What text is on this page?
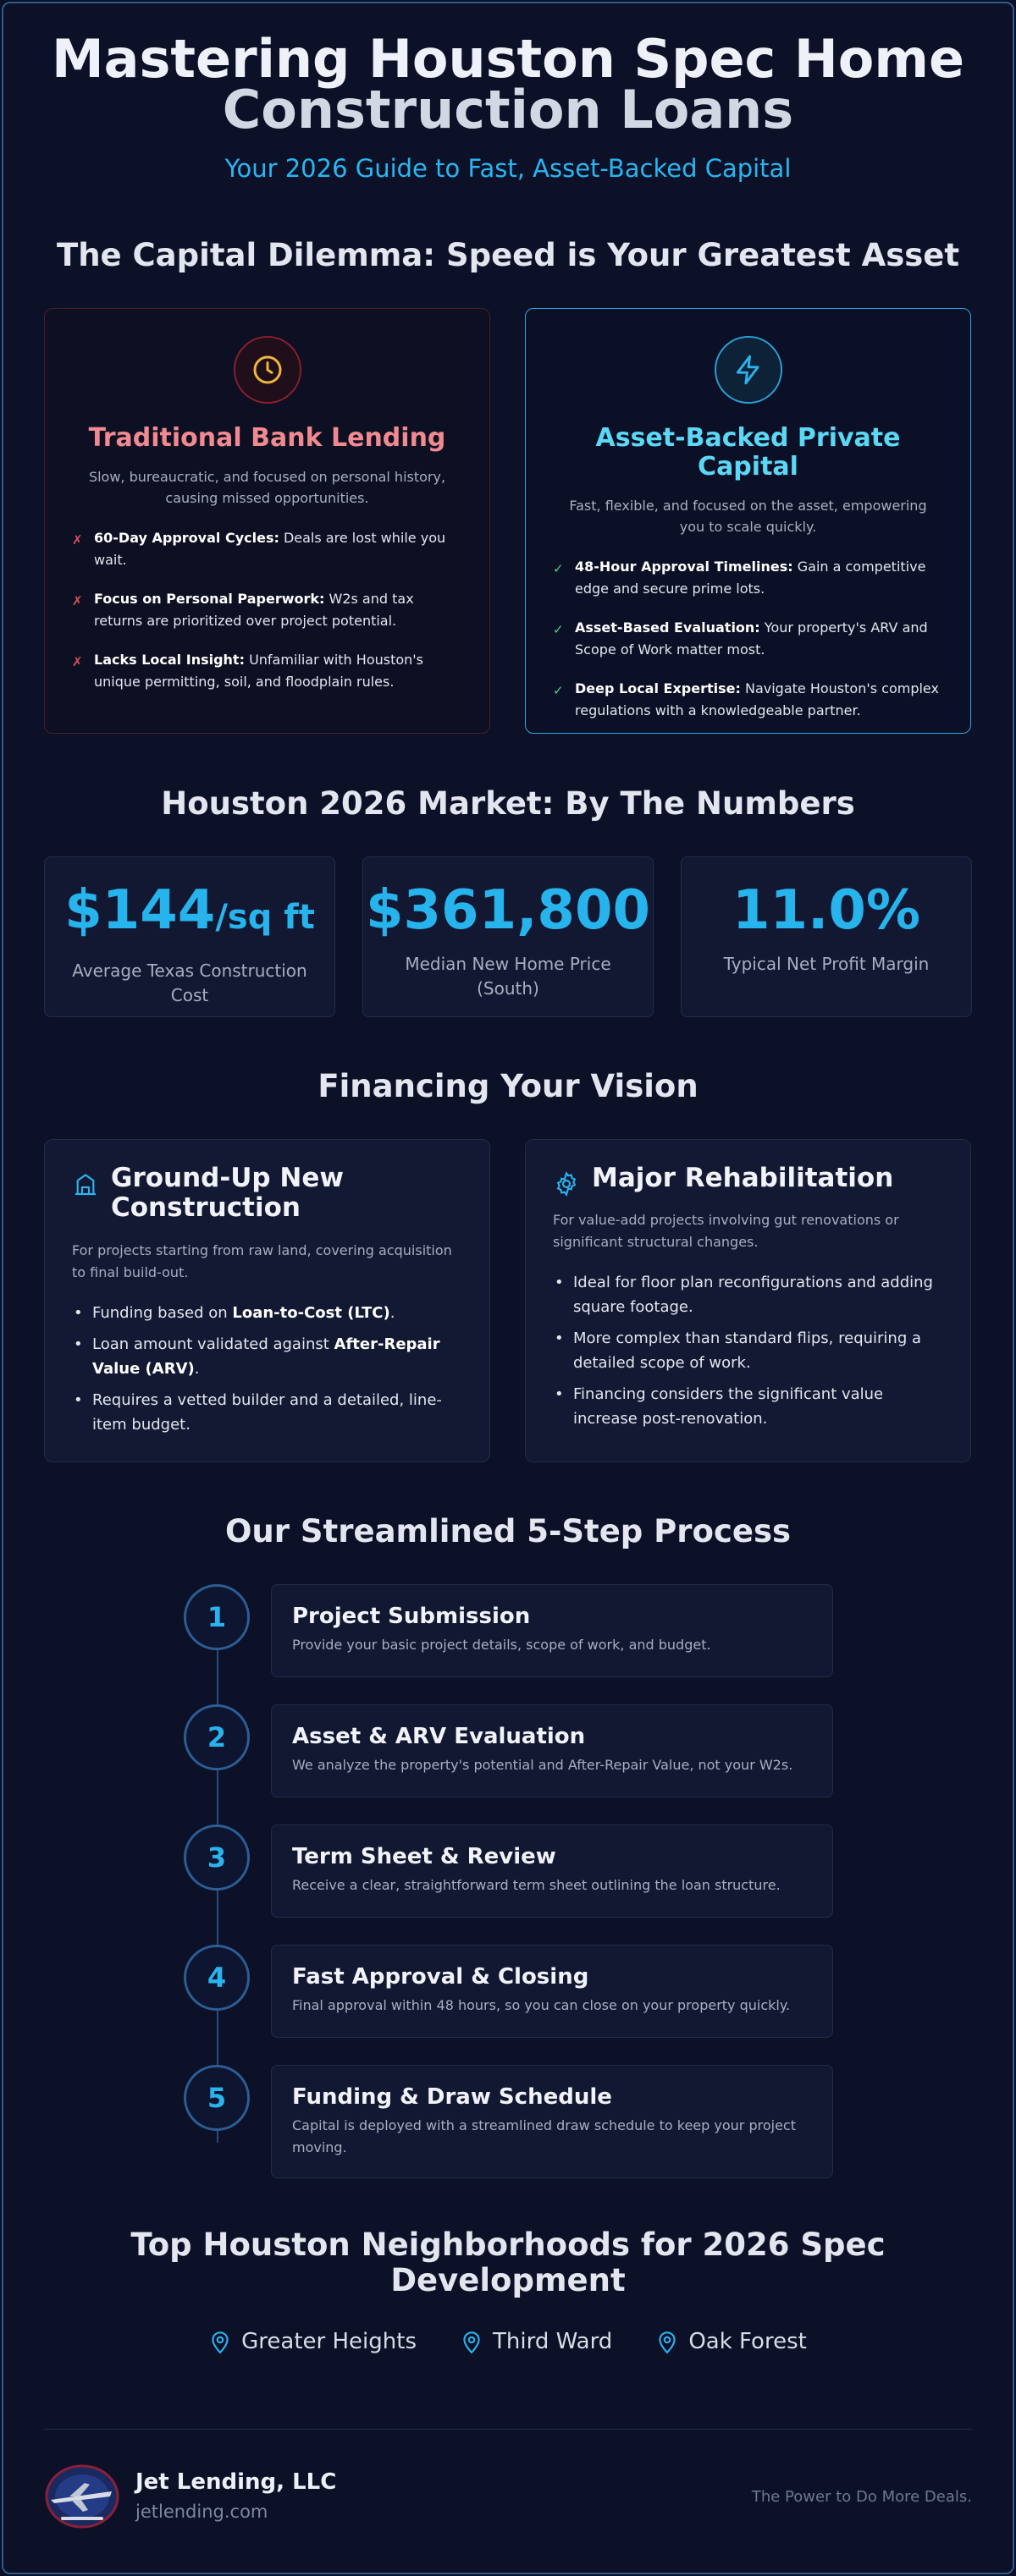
Mastering Houston Spec Home
Construction Loans
Your 2026 Guide to Fast, Asset-Backed Capital
The Capital Dilemma: Speed is Your Greatest Asset
Traditional Bank Lending
Slow, bureaucratic, and focused on personal history, causing missed opportunities.
✗ 60-Day Approval Cycles: Deals are lost while you wait.
✗ Focus on Personal Paperwork: W2s and tax returns are prioritized over project potential.
✗ Lacks Local Insight: Unfamiliar with Houston's unique permitting, soil, and floodplain rules.
Asset-Backed Private Capital
Fast, flexible, and focused on the asset, empowering you to scale quickly.
✓ 48-Hour Approval Timelines: Gain a competitive edge and secure prime lots.
✓ Asset-Based Evaluation: Your property's ARV and Scope of Work matter most.
✓ Deep Local Expertise: Navigate Houston's complex regulations with a knowledgeable partner.
Houston 2026 Market: By The Numbers
$144/sq ft
Average Texas Construction Cost
$361,800
Median New Home Price (South)
11.0%
Typical Net Profit Margin
Financing Your Vision
Ground-Up New Construction
For projects starting from raw land, covering acquisition to final build-out.
• Funding based on Loan-to-Cost (LTC).
• Loan amount validated against After-Repair Value (ARV).
• Requires a vetted builder and a detailed, line-item budget.
Major Rehabilitation
For value-add projects involving gut renovations or significant structural changes.
• Ideal for floor plan reconfigurations and adding square footage.
• More complex than standard flips, requiring a detailed scope of work.
• Financing considers the significant value increase post-renovation.
Our Streamlined 5-Step Process
1	Project Submission
Provide your basic project details, scope of work, and budget.
2	Asset & ARV Evaluation
We analyze the property's potential and After-Repair Value, not your W2s.
3	Term Sheet & Review
Receive a clear, straightforward term sheet outlining the loan structure.
4	Fast Approval & Closing
Final approval within 48 hours, so you can close on your property quickly.
5	Funding & Draw Schedule
Capital is deployed with a streamlined draw schedule to keep your project moving.
Top Houston Neighborhoods for 2026 Spec Development
Greater Heights	Third Ward	Oak Forest
Jet Lending, LLC
jetlending.com
The Power to Do More Deals.
